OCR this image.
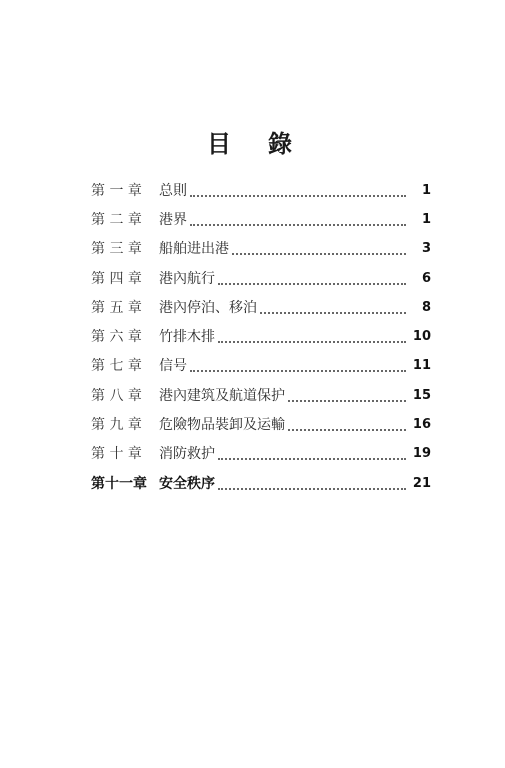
目 錄
第 一 章	总則	1
第 二 章	港界	1
第 三 章	船舶进出港	3
第 四 章	港內航行	6
第 五 章	港內停泊、移泊	8
第 六 章	竹排木排	10
第 七 章	信号	11
第 八 章	港內建筑及航道保护	15
第 九 章	危險物品裝卸及运輸	16
第 十 章	消防救护	19
第十一章 安全秩序	21
